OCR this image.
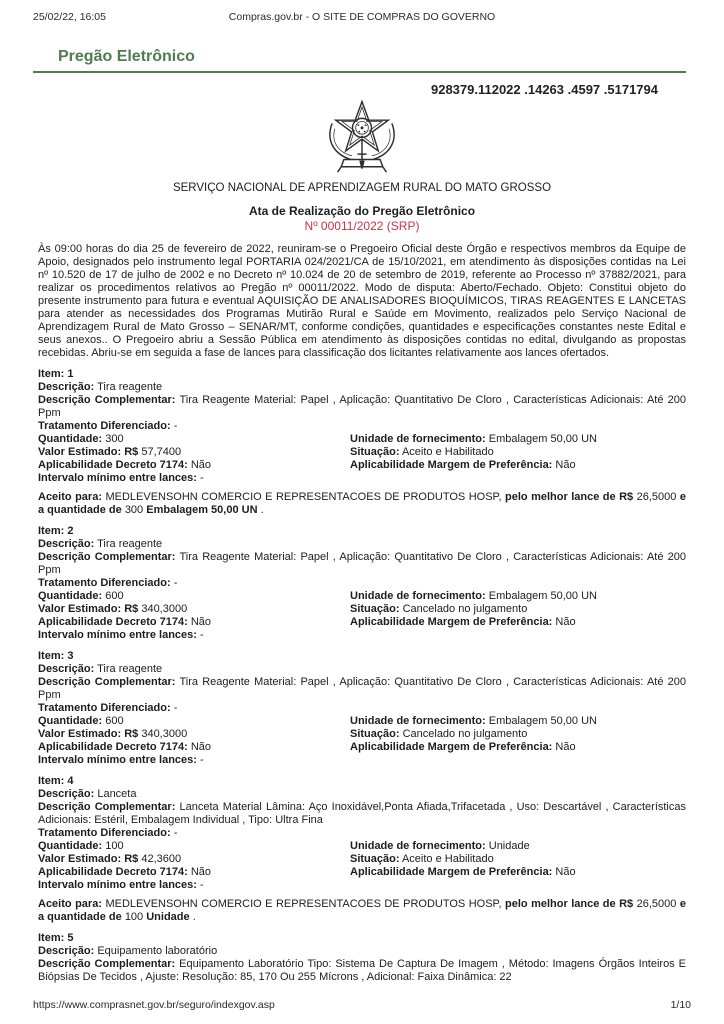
25/02/22, 16:05	Compras.gov.br - O SITE DE COMPRAS DO GOVERNO
Pregão Eletrônico
928379.112022 .14263 .4597 .5171794
SERVIÇO NACIONAL DE APRENDIZAGEM RURAL DO MATO GROSSO
Ata de Realização do Pregão Eletrônico
Nº 00011/2022 (SRP)

Às 09:00 horas do dia 25 de fevereiro de 2022, reuniram-se o Pregoeiro Oficial deste Órgão e respectivos membros da Equipe de Apoio, designados pelo instrumento legal PORTARIA 024/2021/CA de 15/10/2021, em atendimento às disposições contidas na Lei nº 10.520 de 17 de julho de 2002 e no Decreto nº 10.024 de 20 de setembro de 2019, referente ao Processo nº 37882/2021, para realizar os procedimentos relativos ao Pregão nº 00011/2022. Modo de disputa: Aberto/Fechado. Objeto: Constitui objeto do presente instrumento para futura e eventual AQUISIÇÃO DE ANALISADORES BIOQUÍMICOS, TIRAS REAGENTES E LANCETAS para atender as necessidades dos Programas Mutirão Rural e Saúde em Movimento, realizados pelo Serviço Nacional de Aprendizagem Rural de Mato Grosso – SENAR/MT, conforme condições, quantidades e especificações constantes neste Edital e seus anexos.. O Pregoeiro abriu a Sessão Pública em atendimento às disposições contidas no edital, divulgando as propostas recebidas. Abriu-se em seguida a fase de lances para classificação dos licitantes relativamente aos lances ofertados.

Item: 1
Descrição: Tira reagente
Descrição Complementar: Tira Reagente Material: Papel , Aplicação: Quantitativo De Cloro , Características Adicionais: Até 200 Ppm
Tratamento Diferenciado: -
Quantidade: 300	Unidade de fornecimento: Embalagem 50,00 UN
Valor Estimado: R$ 57,7400	Situação: Aceito e Habilitado
Aplicabilidade Decreto 7174: Não	Aplicabilidade Margem de Preferência: Não
Intervalo mínimo entre lances: -

Aceito para: MEDLEVENSOHN COMERCIO E REPRESENTACOES DE PRODUTOS HOSP, pelo melhor lance de R$ 26,5000 e a quantidade de 300 Embalagem 50,00 UN .

Item: 2
Descrição: Tira reagente
Descrição Complementar: Tira Reagente Material: Papel , Aplicação: Quantitativo De Cloro , Características Adicionais: Até 200 Ppm
Tratamento Diferenciado: -
Quantidade: 600	Unidade de fornecimento: Embalagem 50,00 UN
Valor Estimado: R$ 340,3000	Situação: Cancelado no julgamento
Aplicabilidade Decreto 7174: Não	Aplicabilidade Margem de Preferência: Não
Intervalo mínimo entre lances: -
Item: 3
Descrição: Tira reagente
Descrição Complementar: Tira Reagente Material: Papel , Aplicação: Quantitativo De Cloro , Características Adicionais: Até 200 Ppm
Tratamento Diferenciado: -
Quantidade: 600	Unidade de fornecimento: Embalagem 50,00 UN
Valor Estimado: R$ 340,3000	Situação: Cancelado no julgamento
Aplicabilidade Decreto 7174: Não	Aplicabilidade Margem de Preferência: Não
Intervalo mínimo entre lances: -
Item: 4
Descrição: Lanceta
Descrição Complementar: Lanceta Material Lâmina: Aço Inoxidável,Ponta Afiada,Trifacetada , Uso: Descartável , Características Adicionais: Estéril, Embalagem Individual , Tipo: Ultra Fina
Tratamento Diferenciado: -
Quantidade: 100	Unidade de fornecimento: Unidade
Valor Estimado: R$ 42,3600	Situação: Aceito e Habilitado
Aplicabilidade Decreto 7174: Não	Aplicabilidade Margem de Preferência: Não
Intervalo mínimo entre lances: -

Aceito para: MEDLEVENSOHN COMERCIO E REPRESENTACOES DE PRODUTOS HOSP, pelo melhor lance de R$ 26,5000 e a quantidade de 100 Unidade .

Item: 5
Descrição: Equipamento laboratório
Descrição Complementar: Equipamento Laboratório Tipo: Sistema De Captura De Imagem , Método: Imagens Órgãos Inteiros E Biópsias De Tecidos , Ajuste: Resolução: 85, 170 Ou 255 Mícrons , Adicional: Faixa Dinâmica: 22
https://www.comprasnet.gov.br/seguro/indexgov.asp	1/10
